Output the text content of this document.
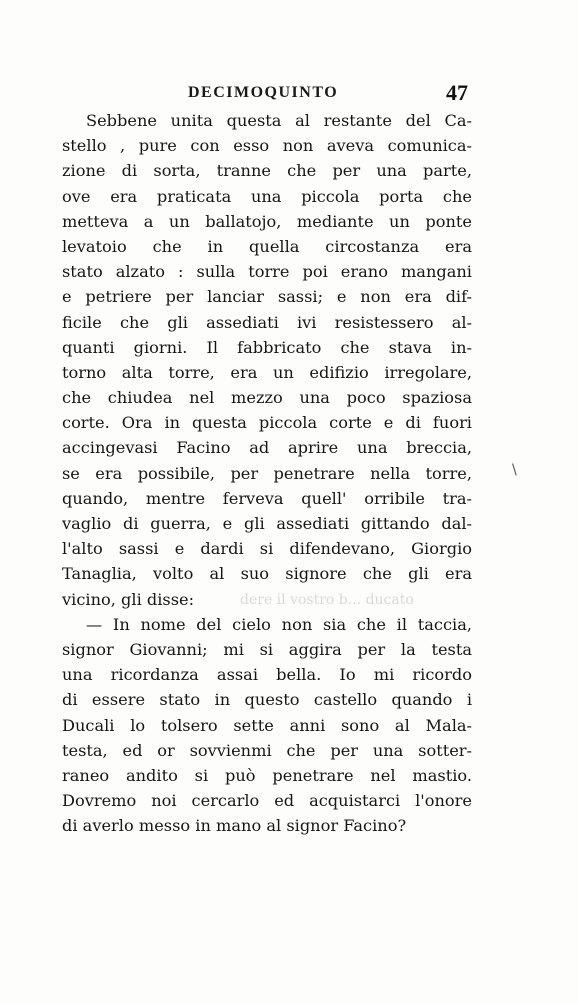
DECIMOQUINTO	47
Sebbene unita questa al restante del Ca-
stello , pure con esso non aveva comunica-
zione di sorta, tranne che per una parte,
ove era praticata una piccola porta che
metteva a un ballatojo, mediante un ponte
levatoio che in quella circostanza era
stato alzato : sulla torre poi erano mangani
e petriere per lanciar sassi; e non era dif-
ficile che gli assediati ivi resistessero al-
quanti giorni. Il fabbricato che stava in-
torno alta torre, era un edifizio irregolare,
che chiudea nel mezzo una poco spaziosa
corte. Ora in questa piccola corte e di fuori
accingevasi Facino ad aprire una breccia,
se era possibile, per penetrare nella torre,
quando, mentre ferveva quell' orribile tra-
vaglio di guerra, e gli assediati gittando dal-
l'alto sassi e dardi si difendevano, Giorgio
Tanaglia, volto al suo signore che gli era
vicino, gli disse:
— In nome del cielo non sia che il taccia,
signor Giovanni; mi si aggira per la testa
una ricordanza assai bella. Io mi ricordo
di essere stato in questo castello quando i
Ducali lo tolsero sette anni sono al Mala-
testa, ed or sovvienmi che per una sotter-
raneo andito si può penetrare nel mastio.
Dovremo noi cercarlo ed acquistarci l'onore
di averlo messo in mano al signor Facino?
dere il vostro b... ducato
\
